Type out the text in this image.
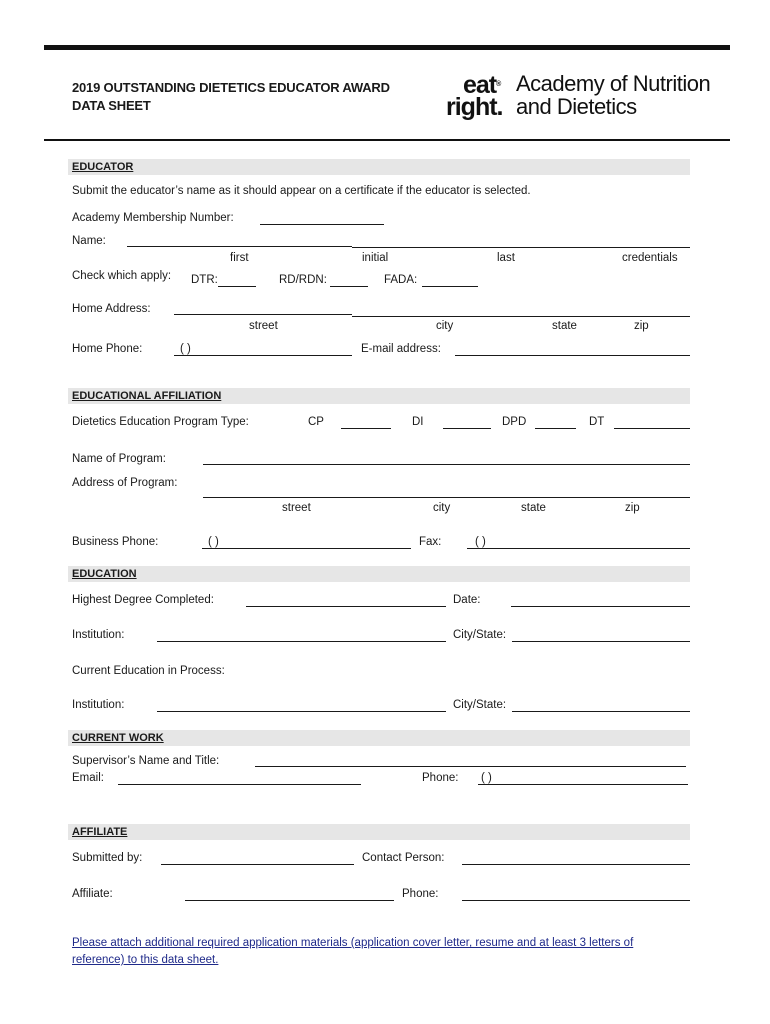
2019 OUTSTANDING DIETETICS EDUCATOR AWARD
DATA SHEET
eat®
right.
Academy of Nutrition
and Dietetics
EDUCATOR
Submit the educator’s name as it should appear on a certificate if the educator is selected.
Academy Membership Number:
Name:
first	initial	last	credentials
Check which apply: DTR:	RD/RDN:	FADA:
Home Address:
street	city	state	zip
Home Phone:	( )	E-mail address:
EDUCATIONAL AFFILIATION
Dietetics Education Program Type:	CP	DI	DPD	DT
Name of Program:
Address of Program:
street	city	state	zip
Business Phone:	( )	Fax:	( )
EDUCATION
Highest Degree Completed:	Date:
Institution:	City/State:
Current Education in Process:
Institution:	City/State:
CURRENT WORK
Supervisor’s Name and Title:
Email:	Phone: ( )
AFFILIATE
Submitted by:	Contact Person:
Affiliate:	Phone:
Please attach additional required application materials (application cover letter, resume and at least 3 letters of reference) to this data sheet.
